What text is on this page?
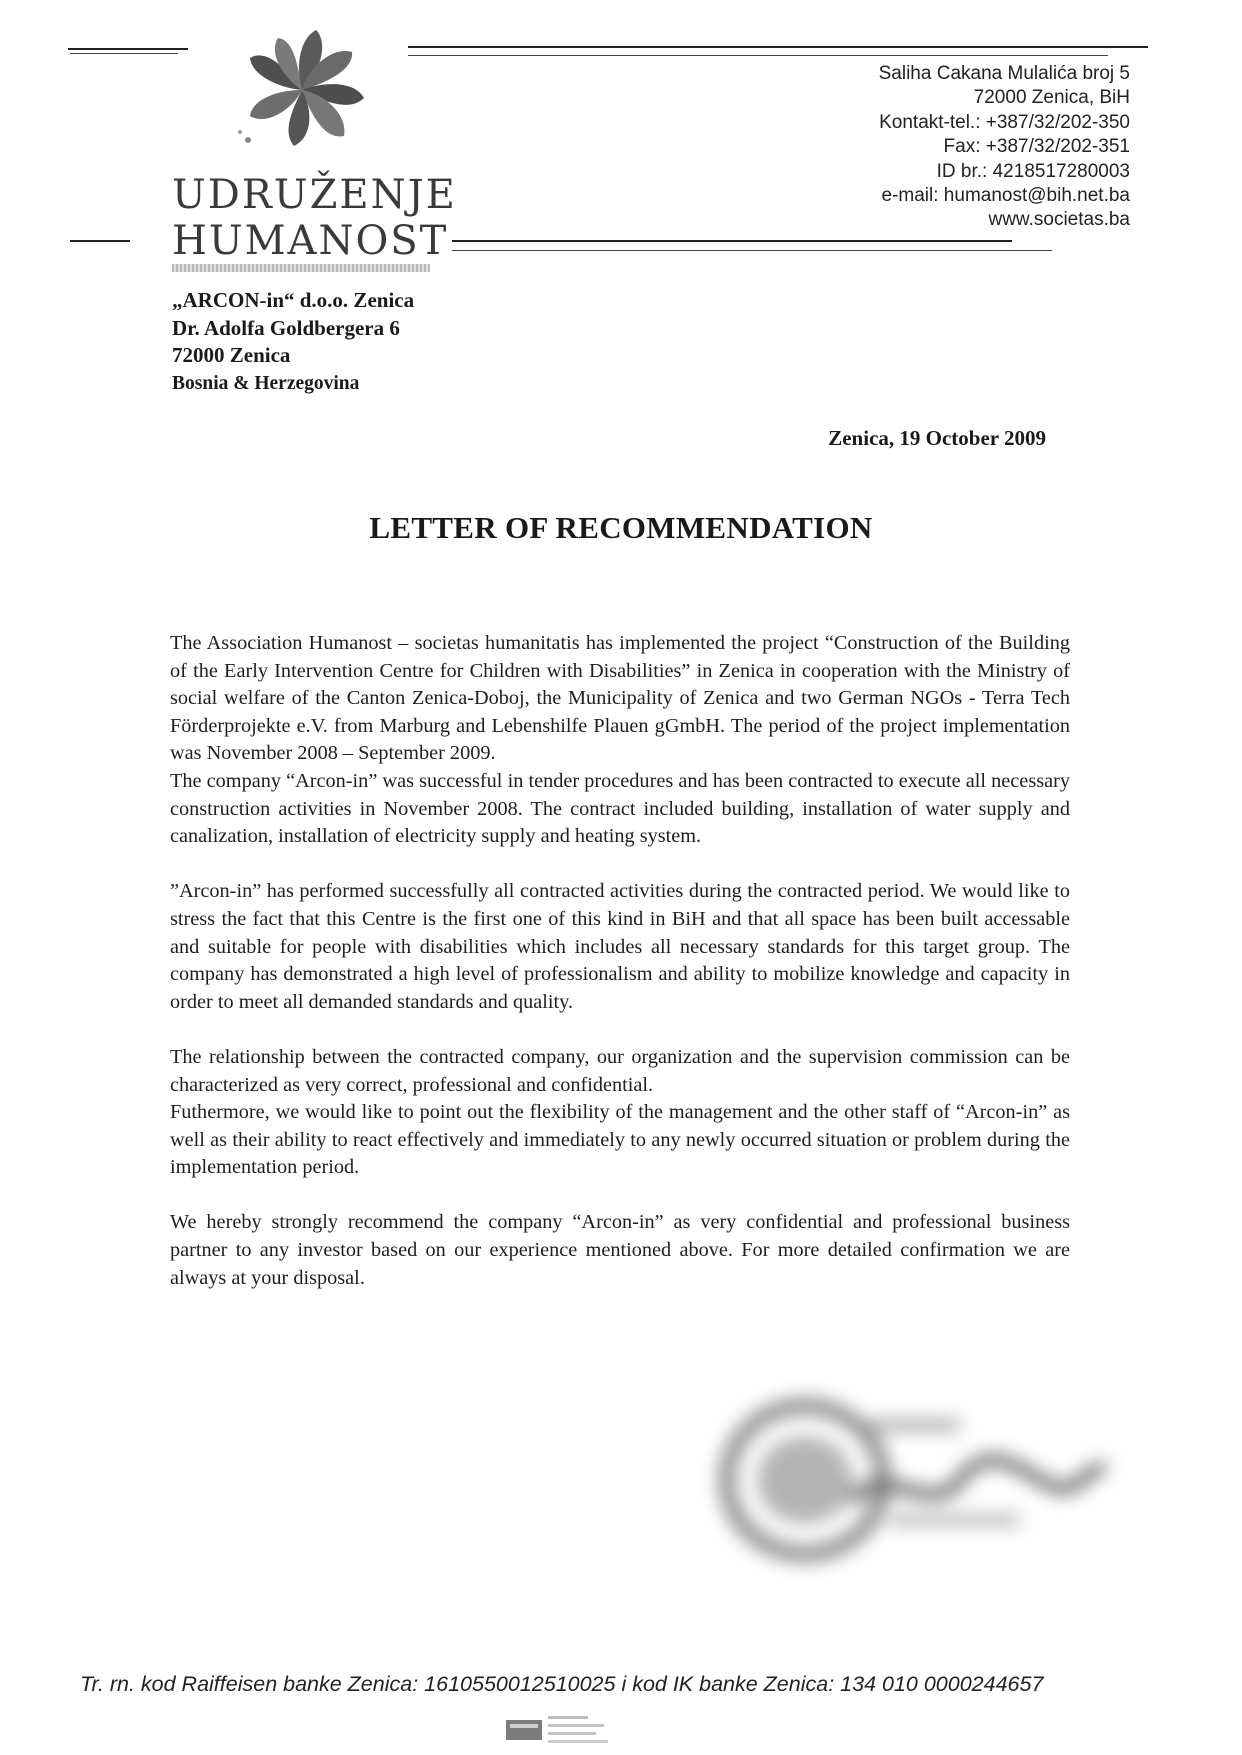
UDRUŽENJE
HUMANOST
Saliha Cakana Mulalića broj 5
72000 Zenica, BiH
Kontakt-tel.: +387/32/202-350
Fax: +387/32/202-351
ID br.: 4218517280003
e-mail: humanost@bih.net.ba
www.societas.ba
„ARCON-in“ d.o.o. Zenica
Dr. Adolfa Goldbergera 6
72000 Zenica
Bosnia & Herzegovina
Zenica, 19 October 2009
LETTER OF RECOMMENDATION

The Association Humanost – societas humanitatis has implemented the project “Construction of the Building of the Early Intervention Centre for Children with Disabilities” in Zenica in cooperation with the Ministry of social welfare of the Canton Zenica-Doboj, the Municipality of Zenica and two German NGOs - Terra Tech Förderprojekte e.V. from Marburg and Lebenshilfe Plauen gGmbH. The period of the project implementation was November 2008 – September 2009.

The company “Arcon-in” was successful in tender procedures and has been contracted to execute all necessary construction activities in November 2008. The contract included building, installation of water supply and canalization, installation of electricity supply and heating system.

”Arcon-in” has performed successfully all contracted activities during the contracted period. We would like to stress the fact that this Centre is the first one of this kind in BiH and that all space has been built accessable and suitable for people with disabilities which includes all necessary standards for this target group. The company has demonstrated a high level of professionalism and ability to mobilize knowledge and capacity in order to meet all demanded standards and quality.

The relationship between the contracted company, our organization and the supervision commission can be characterized as very correct, professional and confidential.

Futhermore, we would like to point out the flexibility of the management and the other staff of “Arcon-in” as well as their ability to react effectively and immediately to any newly occurred situation or problem during the implementation period.

We hereby strongly recommend the company “Arcon-in” as very confidential and professional business partner to any investor based on our experience mentioned above. For more detailed confirmation we are always at your disposal.

Tr. rn. kod Raiffeisen banke Zenica: 1610550012510025 i kod IK banke Zenica: 134 010 0000244657
